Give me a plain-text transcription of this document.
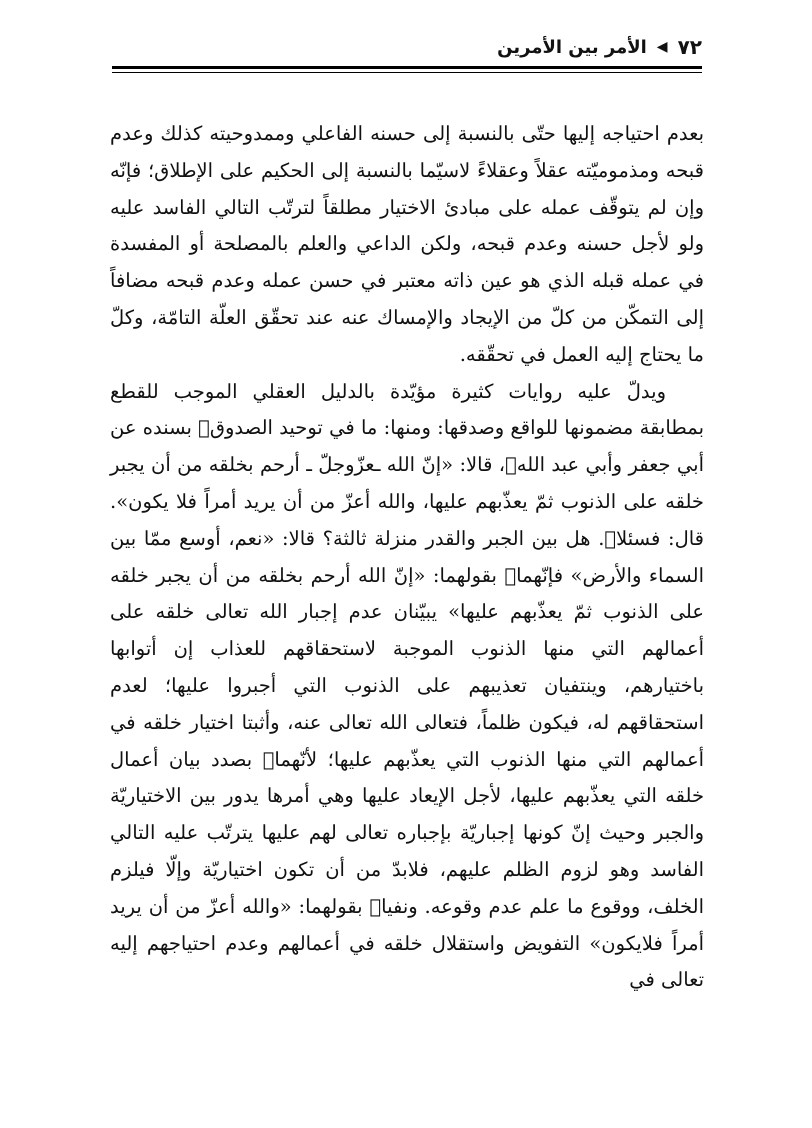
٧٢
◀
الأمر بين الأمرين

بعدم احتياجه إليها حتّى بالنسبة إلى حسنه الفاعلي وممدوحيته كذلك وعدم قبحه ومذموميّته عقلاً وعقلاءً لاسيّما بالنسبة إلى الحكيم على الإطلاق؛ فإنّه وإن لم يتوقّف عمله على مبادئ الاختيار مطلقاً لترتّب التالي الفاسد عليه ولو لأجل حسنه وعدم قبحه، ولكن الداعي والعلم بالمصلحة أو المفسدة في عمله قبله الذي هو عين ذاته معتبر في حسن عمله وعدم قبحه مضافاً إلى التمكّن من كلّ من الإيجاد والإمساك عنه عند تحقّق العلّة التامّة، وكلّ ما يحتاج إليه العمل في تحقّقه.

ويدلّ عليه روايات كثيرة مؤيّدة بالدليل العقلي الموجب للقطع بمطابقة مضمونها للواقع وصدقها: ومنها: ما في توحيد الصدوق﷫ بسنده عن أبي جعفر وأبي عبد الله﷨، قالا: «إنّ الله ـعزّوجلّ ـ أرحم بخلقه من أن يجبر خلقه على الذنوب ثمّ يعذّبهم عليها، والله أعزّ من أن يريد أمراً فلا يكون». قال: فسئلا﷨. هل بين الجبر والقدر منزلة ثالثة؟ قالا: «نعم، أوسع ممّا بين السماء والأرض» فإنّهما﷨ بقولهما: «إنّ الله أرحم بخلقه من أن يجبر خلقه على الذنوب ثمّ يعذّبهم عليها» يبيّنان عدم إجبار الله تعالى خلقه على أعمالهم التي منها الذنوب الموجبة لاستحقاقهم للعذاب إن أتوابها باختيارهم، وينتفيان تعذيبهم على الذنوب التي أجبروا عليها؛ لعدم استحقاقهم له، فيكون ظلماً، فتعالى الله تعالى عنه، وأثبتا اختيار خلقه في أعمالهم التي منها الذنوب التي يعذّبهم عليها؛ لأنّهما﷨ بصدد بيان أعمال خلقه التي يعذّبهم عليها، لأجل الإيعاد عليها وهي أمرها يدور بين الاختياريّة والجبر وحيث إنّ كونها إجباريّة بإجباره تعالى لهم عليها يترتّب عليه التالي الفاسد وهو لزوم الظلم عليهم، فلابدّ من أن تكون اختياريّة وإلّا فيلزم الخلف، ووقوع ما علم عدم وقوعه. ونفيا﷨ بقولهما: «والله أعزّ من أن يريد أمراً فلايكون» التفويض واستقلال خلقه في أعمالهم وعدم احتياجهم إليه تعالى في
